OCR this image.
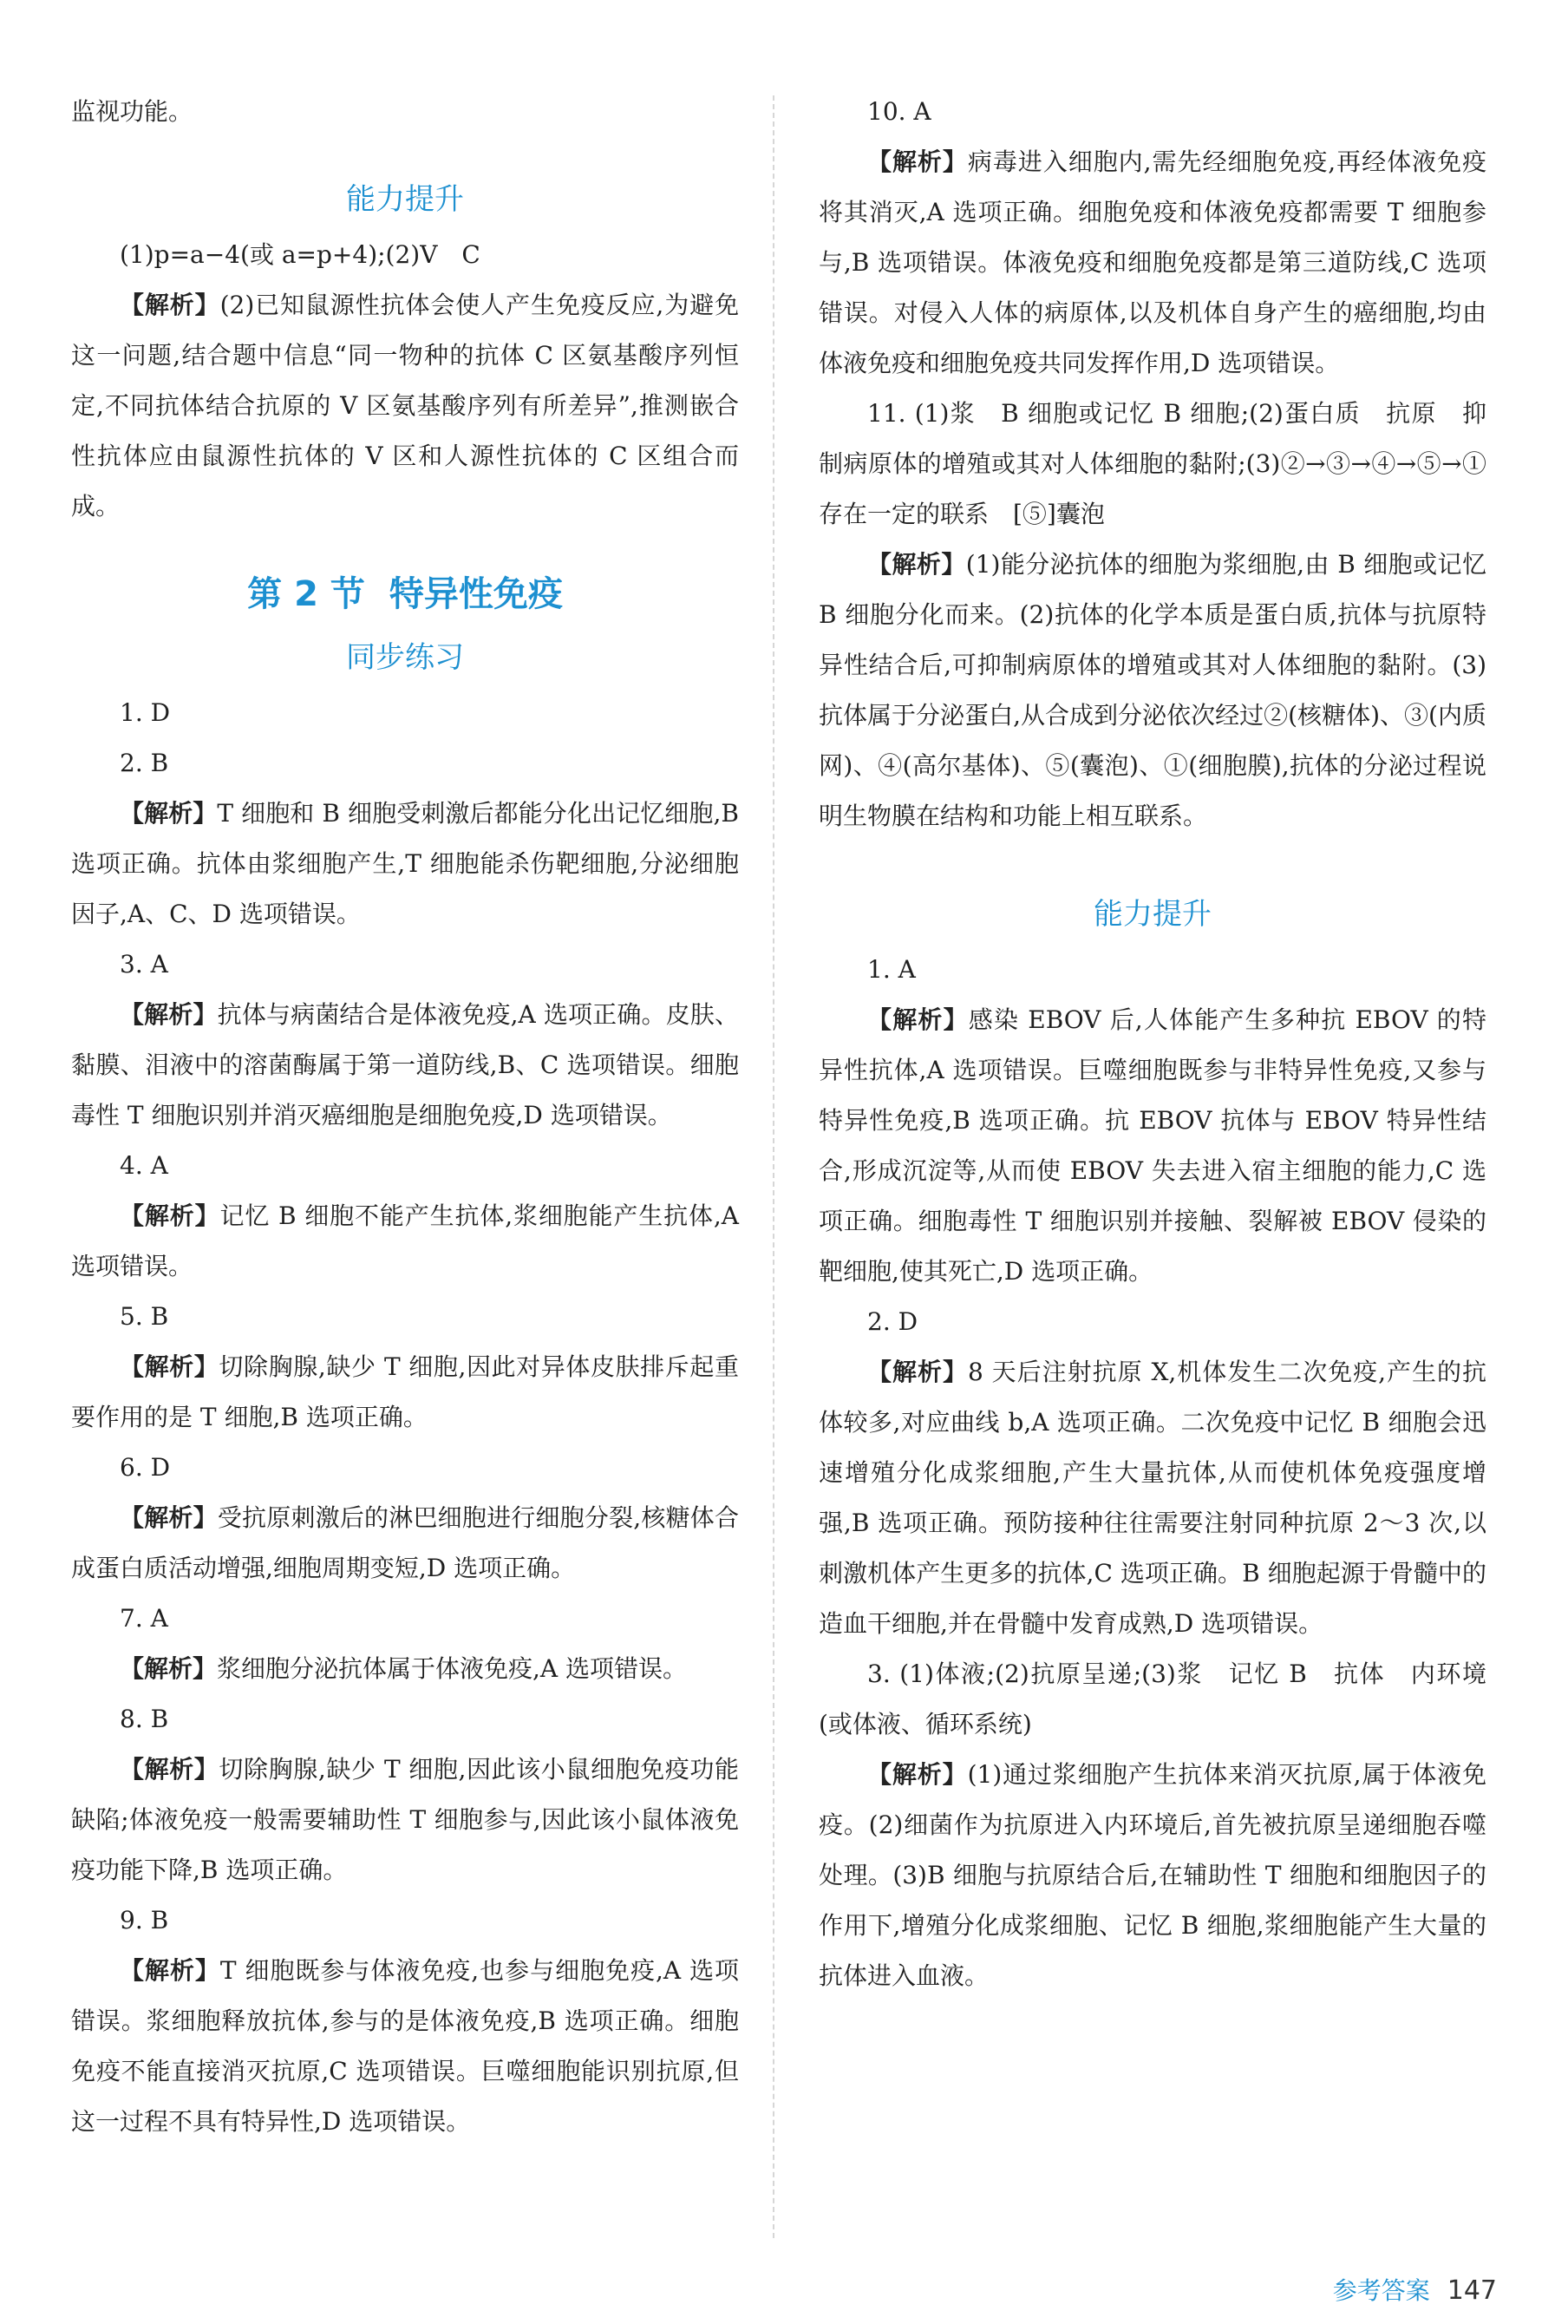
监视功能。

能力提升

(1)p=a−4(或 a=p+4);(2)V　C

【解析】(2)已知鼠源性抗体会使人产生免疫反应,为避免这一问题,结合题中信息“同一物种的抗体 C 区氨基酸序列恒定,不同抗体结合抗原的 V 区氨基酸序列有所差异”,推测嵌合性抗体应由鼠源性抗体的 V 区和人源性抗体的 C 区组合而成。

第 2 节 特异性免疫
同步练习

1. D

2. B

【解析】T 细胞和 B 细胞受刺激后都能分化出记忆细胞,B 选项正确。抗体由浆细胞产生,T 细胞能杀伤靶细胞,分泌细胞因子,A、C、D 选项错误。

3. A

【解析】抗体与病菌结合是体液免疫,A 选项正确。皮肤、黏膜、泪液中的溶菌酶属于第一道防线,B、C 选项错误。细胞毒性 T 细胞识别并消灭癌细胞是细胞免疫,D 选项错误。

4. A

【解析】记忆 B 细胞不能产生抗体,浆细胞能产生抗体,A 选项错误。

5. B

【解析】切除胸腺,缺少 T 细胞,因此对异体皮肤排斥起重要作用的是 T 细胞,B 选项正确。

6. D

【解析】受抗原刺激后的淋巴细胞进行细胞分裂,核糖体合成蛋白质活动增强,细胞周期变短,D 选项正确。

7. A

【解析】浆细胞分泌抗体属于体液免疫,A 选项错误。

8. B

【解析】切除胸腺,缺少 T 细胞,因此该小鼠细胞免疫功能缺陷;体液免疫一般需要辅助性 T 细胞参与,因此该小鼠体液免疫功能下降,B 选项正确。

9. B

【解析】T 细胞既参与体液免疫,也参与细胞免疫,A 选项错误。浆细胞释放抗体,参与的是体液免疫,B 选项正确。细胞免疫不能直接消灭抗原,C 选项错误。巨噬细胞能识别抗原,但这一过程不具有特异性,D 选项错误。

10. A

【解析】病毒进入细胞内,需先经细胞免疫,再经体液免疫将其消灭,A 选项正确。细胞免疫和体液免疫都需要 T 细胞参与,B 选项错误。体液免疫和细胞免疫都是第三道防线,C 选项错误。对侵入人体的病原体,以及机体自身产生的癌细胞,均由体液免疫和细胞免疫共同发挥作用,D 选项错误。

11. (1)浆　B 细胞或记忆 B 细胞;(2)蛋白质　抗原　抑制病原体的增殖或其对人体细胞的黏附;(3)②→③→④→⑤→①　存在一定的联系　[⑤]囊泡

【解析】(1)能分泌抗体的细胞为浆细胞,由 B 细胞或记忆 B 细胞分化而来。(2)抗体的化学本质是蛋白质,抗体与抗原特异性结合后,可抑制病原体的增殖或其对人体细胞的黏附。(3)抗体属于分泌蛋白,从合成到分泌依次经过②(核糖体)、③(内质网)、④(高尔基体)、⑤(囊泡)、①(细胞膜),抗体的分泌过程说明生物膜在结构和功能上相互联系。

能力提升

1. A

【解析】感染 EBOV 后,人体能产生多种抗 EBOV 的特异性抗体,A 选项错误。巨噬细胞既参与非特异性免疫,又参与特异性免疫,B 选项正确。抗 EBOV 抗体与 EBOV 特异性结合,形成沉淀等,从而使 EBOV 失去进入宿主细胞的能力,C 选项正确。细胞毒性 T 细胞识别并接触、裂解被 EBOV 侵染的靶细胞,使其死亡,D 选项正确。

2. D

【解析】8 天后注射抗原 X,机体发生二次免疫,产生的抗体较多,对应曲线 b,A 选项正确。二次免疫中记忆 B 细胞会迅速增殖分化成浆细胞,产生大量抗体,从而使机体免疫强度增强,B 选项正确。预防接种往往需要注射同种抗原 2～3 次,以刺激机体产生更多的抗体,C 选项正确。B 细胞起源于骨髓中的造血干细胞,并在骨髓中发育成熟,D 选项错误。

3. (1)体液;(2)抗原呈递;(3)浆　记忆 B　抗体　内环境(或体液、循环系统)

【解析】(1)通过浆细胞产生抗体来消灭抗原,属于体液免疫。(2)细菌作为抗原进入内环境后,首先被抗原呈递细胞吞噬处理。(3)B 细胞与抗原结合后,在辅助性 T 细胞和细胞因子的作用下,增殖分化成浆细胞、记忆 B 细胞,浆细胞能产生大量的抗体进入血液。

参考答案 147
